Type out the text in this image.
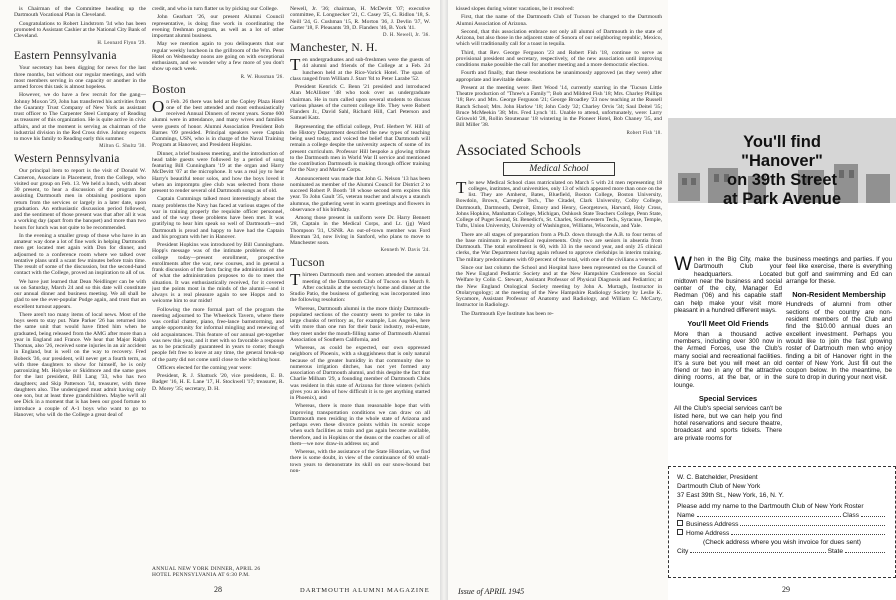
is Chairman of the Committee heading up the Dartmouth Vocational Plan in Cleveland.
Congratulations to Robert Lindstrom '34 who has been promoted to Assistant Cashier at the National City Bank of Cleveland.
H. Leonard Flynn '29.
Eastern Pennsylvania
Your secretary has been digging for news for the last three months, but without our regular meetings, and with most members serving in one capacity or another in the armed forces this task is almost hopeless.
However, we do have a few recruit for the gang—Johnny Moxon '29, John has transferred his activities from the Guaranty Trust Company of New York as assistant trust officer to The Carpenter Steel Company of Reading as treasurer of this organization. He is quite active in civic affairs, and at the moment is serving as chairman of the industrial division in the Red Cross drive. Johnny expects to move his family to Reading early this summer.
Milton G. Shultz '30.
Western Pennsylvania
Our principal item to report is the visit of Donald W. Cameron, Associate in Placement, from the College, who visited our group on Feb. 13. We held a lunch, with about 30 present, to hear a discussion of the program for assisting Dartmouth men in obtaining positions upon return from the services or largely in a later date, upon graduation. An enthusiastic discussion period followed, and the sentiment of those present was that after all it was a working day (apart from the banquet) and more than two hours for lunch was not quite to be recommended.
In the evening a smaller group of those who have in an amateur way done a lot of fine work in helping Dartmouth men get located met again with Don for dinner, and adjourned to a conference room where we talked over tentative plans until a scant few minutes before train time. The result of some of the discussion, but the second-hand contact with the College, proved an inspiration to all of us.
We have just learned that Dean Neidlinger can be with us on Saturday, March 24 and so this date will constitute our annual dinner and business meeting. We all shall be glad to see the ever-popular Pudge again, and trust that an excellent turnout appears.
There aren't too many items of local news. Most of the boys seem to stay put. Nate Parker '26 has returned into the same unit that would have fitted him when he graduated, being released from the AMG after more than a year in England and France. We hear that Major Ralph Thomas, also '26, received some injuries in an air accident in England, but is well on the way to recovery. Fred Bobeck '36, our president, will never get a fourth term, as with three daughters to show for himself, he is only patronizing Mt. Holyoke or Skidmore and the same goes for the last president, Bill Lang '33, who has two daughters; and Skip Patterson '34, treasurer, with three daughters also. The undersigned must admit having only one son, but at least three grandchildren. Maybe we'll all see Dick in a moment that is has been our good fortune to introduce a couple of A-1 boys who want to go to Hanover, who will do the College a great deal of
credit, and who in turn flatter us by picking our College.
John Gearhart '26, our present Alumni Council representative, is doing fine work in coordinating the evening freshman program, as well as a lot of other important alumni business.
May we mention again to you delinquents that our regular weekly luncheon in the grillroom of the Wm. Penn Hotel on Wednesday noons are going on with exceptional enthusiasm, and we wonder why a few more of you don't show up each week.
R. W. Hussman '26.
Boston
On Feb. 26 there was held at the Copley Plaza Hotel one of the best attended and most enthusiastically received Annual Dinners of recent years. Some 600 alumni were in attendance, and many wives and families were guests of honor. Alumni Association President Bob Barnes '09 presided. Principal speakers were Captain Cummings, USN, who is in charge of the Naval Training Program at Hanover, and President Hopkins.
Dinner, a brief business meeting, and the introduction of head table guests were followed by a period of song featuring Bill Cunningham '19 at the organ and Harry McDevitt '07 at the microphone. It was a real joy to hear Harry's beautiful tenor solos, and how the boys loved it when an impromptu glee club was selected from those present to render several old Dartmouth songs as of old.
Captain Cummings talked most interestingly about the many problems the Navy has faced at various stages of the war in training properly the requisite officer personnel, and of the way these problems have been met. It was gratifying to hear him speak so well of Dartmouth—and Dartmouth is proud and happy to have had the Captain and his program with her in Hanover.
President Hopkins was introduced by Bill Cunningham. Hopp's message was of the intimate problems of the college today—present enrollment, prospective enrollments after the war, new courses, and in general a frank discussion of the facts facing the administration and of what the administration proposes to do to meet the situation. It was enthusiastically received, for it covered just the points most in the minds of the alumni—and it always is a real pleasure again to see Hopps and to welcome him to our midst!
Following the more formal part of the program the meeting adjourned to The Wheelock Tavern, where there was cordial chatter, piano, free-lance barnstorming, and ample opportunity for informal mingling and renewing of old acquaintances. This feature of our annual get-together was new this year, and it met with so favorable a response as to be practically guaranteed in years to come; though people felt free to leave at any time, the general break-up of the party did not come until close to the witching hour.
Officers elected for the coming year were:
President, R. J. Shattuck '20, vice presidents, E. B. Badger '16, H. E. Lane '17, H. Stockwell '17; treasurer, R. D. Morey '35; secretary, D. H.
ANNUAL NEW YORK DINNER, APRIL 26
HOTEL PENNSYLVANIA AT 6:30 P.M.
Newell, Jr. '36; chairman, H. McDevitt '07; executive committee, E. Longnecker '21, C. Casey '25, G. Ridlon '18, S. Neill '24, G. Cushman '15, R. Morton '36, J. Devlin '37, W. Garter '18, F. Pleasants '39, D. Flanders '46, B. York '41.
D. H. Newell, Jr. '36.
Manchester, N. H.
Ten undergraduates and sub-freshmen were the guests of 44 alumni and friends of the College at a Feb. 24 luncheon held at the Rice-Varick Hotel. The span of class ranged from William J. Starr '84 to Peter Larabe '52.
President Kenrick C. Benn '21 presided and introduced Alan McAllister '48 who took over as undergraduate chairman. He in turn called upon several students to discuss various phases of the current college life. They were Robert Flanders Jr., David Sahl, Richard Hill, Carl Peterson and Samuel Katz.
Representing the official college, Prof. Herbert W. Hill of the History Department described the new types of teaching being used today, and voiced the belief that Dartmouth will remain a college despite the university aspects of some of its present curriculum. Professor Hill bespoke a glowing tribute to the Dartmouth men in World War II service and mentioned the contribution Dartmouth is making through officer training for the Navy and Marine Corps.
Announcement was made that John G. Nelson '13 has been nominated as member of the Alumni Council for District 2 to succeed Robert P. Booth '18 whose second term expires this year. To John Gault '35, veteran teacher and always a staunch alumnus, the gathering went in warm greetings and flowers in observance of his birthday.
Among those present in uniform were Dr. Harry Bennett '28, Captain in the Medical Corps, and Lt. (jg) Ward Thompson '31, USNR. An out-of-town member was Ford Bowman '24, now living in Sanford, who plans to move to Manchester soon.
Kenneth W. Davis '24.
Tucson
Thirteen Dartmouth men and women attended the annual meeting of the Dartmouth Club of Tucson on March 8. After cocktails at the secretary's home and dinner at the Studio Patio, the business of gathering was incorporated into the following resolution:
Whereas, Dartmouth alumni in the more thinly Dartmouth-populated sections of the country seem to prefer to take in large chunks of territory as, for example, Los Angeles, here with more than one run for their basic industry, real-estate, they meet under the mouth-filling name of Dartmouth Alumni Association of Southern California, and
Whereas, as could be expected, our own oppressed neighbors of Phoenix, with a sluggishness that is only natural because of the greater humidity in that community due to numerous irrigation ditches, has not yet formed any association of Dartmouth alumni, and this despite the fact that Charlie Milham '29, a founding member of Dartmouth Clubs was resident in this state of Arizona for three winters (which gives you an idea of how difficult it is to get anything started in Phoenix), and
Whereas, there is more than reasonable hope that with improving transportation conditions we can draw on all Dartmouth men residing in the whole state of Arizona and perhaps even these divorce points within its scenic scope when such facilities as train and gas again become available, therefore, and in Hopkins or the deans or the coaches or all of them—we now draw-in address us; and
Whereas, with the assistance of the State Historian, we find there is some doubt, in view of the continuance of 60 small-town years to demonstrate its skill on our snow-bound but non-
28	DARTMOUTH ALUMNI MAGAZINE
kissed slopes during winter vacations, be it resolved:
First, that the name of the Dartmouth Club of Tucson be changed to the Dartmouth Alumni Association of Arizona.
Second, that this association embrace not only all alumni of Dartmouth in the state of Arizona, but also those in the adjacent state of Sonora of our neighboring republic, Mexico, which will traditionally call for a toast in tequila.
Third, that Rev. George Ferguson '23 and Robert Fish '18, continue to serve as provisional president and secretary, respectively, of the new association until improving conditions make possible the call for another meeting and a more democratic election.
Fourth and finally, that these resolutions be unanimously approved (as they were) after appropriate and inevitable debate.
Present at the meeting were: Bert Wood '14, currently starring in the 'Tucson Little Theatre production of "Three's a Family"'; Bob and Mildred Fish '18; Mrs. Charley Phillips '18; Rev. and Mrs. George Ferguson '21; George Broadley '23 now teaching at the Russell Ranch School; Mrs. John Harlow '18; John Cody '32; Charley Orvis '34; Saul Deitel '35; Bruce McMeekin '38; Mrs. Fred Lynch '41. Unable to attend, unfortunately, were: Larry Griswold '28, Rollin Stoutenaur '18 wintering in the Pioneer Hotel, Bob Chaney '35, and Bill Miller '38.
Robert Fish '18.
Associated Schools
Medical School
The new Medical School class matriculated on March 5 with 24 men representing 18 colleges, institutes, and universities, only 13 of which appeared more than once on the list. They are Amherst, Bates, Bluefield, Boston College, Boston University, Bowdoin, Brown, Carnegie Tech., The Citadel, Clark University, Colby College, Dartmouth, Dartmouth, Detroit, Emory and Henry, Georgetown, Harvard, Holy Cross, Johns Hopkins, Manhattan College, Michigan, Oshkosh State Teachers College, Penn State, College of Puget Sound, St. Benedict's, St. Charles, Southwestern Tech., Syracuse, Temple, Tufts, Union University, University of Washington, Williams, Wisconsin, and Yale.
There are all stages of preparation from a Ph.D. down through the A.B. to four terms of the base minimum in premedical requirements. Only two are seniors in absentia from Dartmouth. The total enrollment is 60, with 33 in the second year, and only 25 clinical clerks, the War Department having again refused to approve clerkships in interim training. The military predominates with 69 percent of the total, with one of the civilians a veteran.
Since our last column the School and Hospital have been represented on the Council of the New England Pediatric Society and at the New Hampshire Conference on Social Welfare by Colin C. Stewart, Assistant Professor of Physical Diagnosis and Pediatrics; at the New England Otological Society meeting by John A. Murtagh, Instructor in Otolaryngology; at the meeting of the New Hampshire Radiology Society by Leslie K. Sycamore, Assistant Professor of Anatomy and Radiology, and William C. McCarty, Instructor in Radiology.
The Dartmouth Eye Institute has been re-
Issue of APRIL 1945
You'll find
"Hanover"
on 39th Street
at Park Avenue

When in the Big City, make the Dartmouth Club your headquarters. Located midtown near the business and social center of the city, Manager Ed Redman ('06) and his capable staff can help make your visit more pleasant in a hundred different ways.

You'll Meet Old Friends

More than a thousand active members, including over 300 now in the Armed Forces, use the Club's many social and recreational facilities. It's a sure bet you will meet an old friend or two in any of the attractive dining rooms, at the bar, or in the lounge.

Special Services

All the Club's special services can't be listed here, but we can help you find hotel reservations and secure theatre, broadcast and sports tickets. There are private rooms for

business meetings and parties. If you feel like exercise, there is everything but golf and swimming and Ed can arrange for these.

Non-Resident Membership

Hundreds of alumni from other sections of the country are non-resident members of the Club and find the $10.00 annual dues an excellent investment. Perhaps you would like to join the fast growing roster of Dartmouth men who enjoy finding a bit of Hanover right in the center of New York. Just fill out the coupon below. In the meantime, be sure to drop in during your next visit.

W. C. Batchelder, President
Dartmouth Club of New York
37 East 39th St., New York, 16, N. Y.
Please add my name to the Dartmouth Club of New York Roster
Name	Class
Business Address
Home Address
(Check address where you wish invoice for dues sent)
City	State
29
